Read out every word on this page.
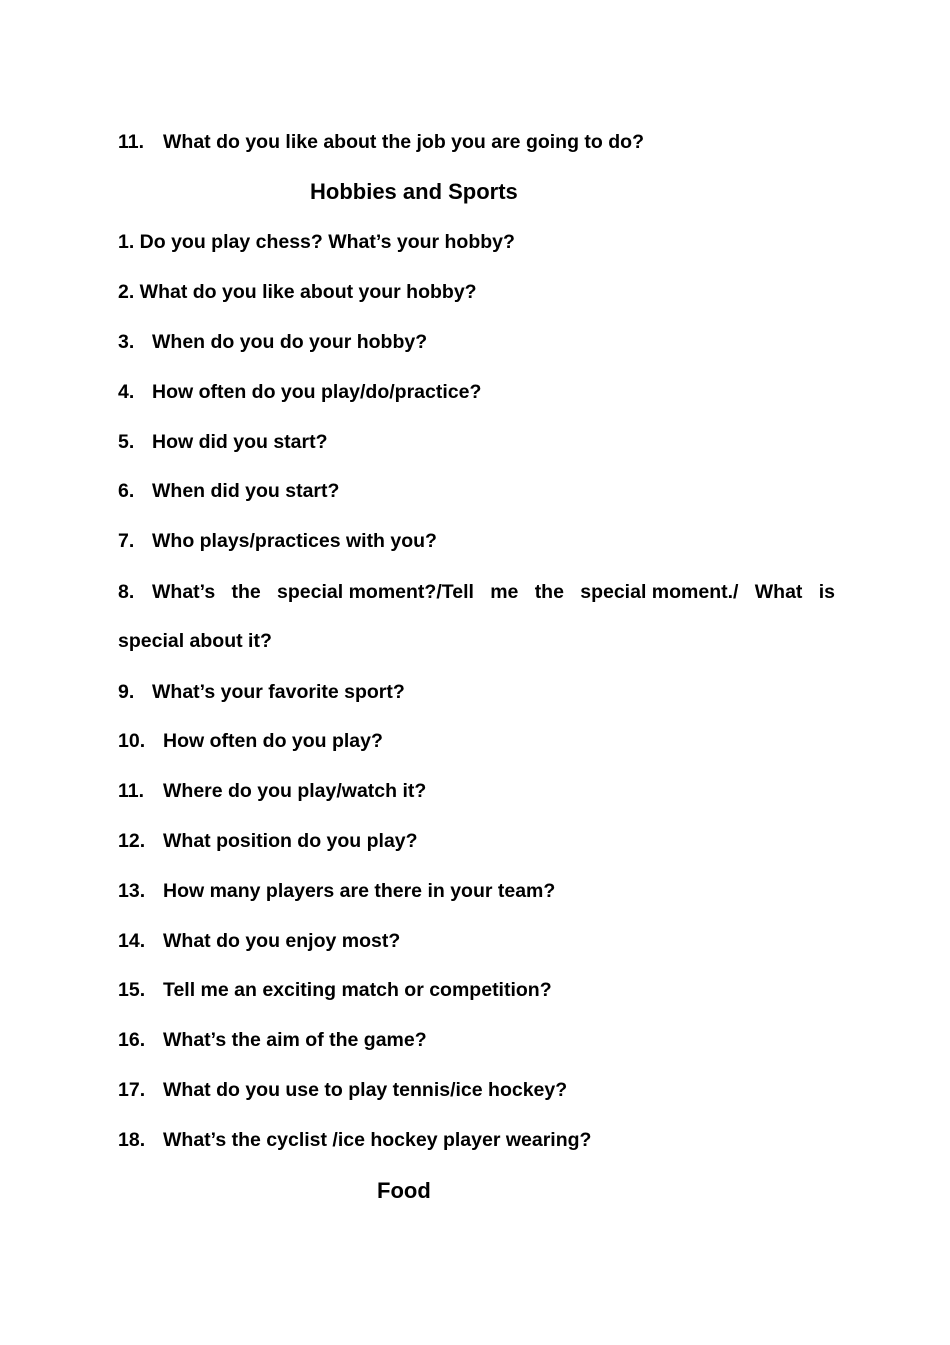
11. What do you like about the job you are going to do?
Hobbies and Sports
1. Do you play chess? What’s your hobby?
2. What do you like about your hobby?
3. When do you do your hobby?
4. How often do you play/do/practice?
5. How did you start?
6. When did you start?
7. Who plays/practices with you?
8. What’s the special moment?/Tell me the special moment./ What is
special about it?
9. What’s your favorite sport?
10. How often do you play?
11. Where do you play/watch it?
12. What position do you play?
13. How many players are there in your team?
14. What do you enjoy most?
15. Tell me an exciting match or competition?
16. What’s the aim of the game?
17. What do you use to play tennis/ice hockey?
18. What’s the cyclist /ice hockey player wearing?
Food
